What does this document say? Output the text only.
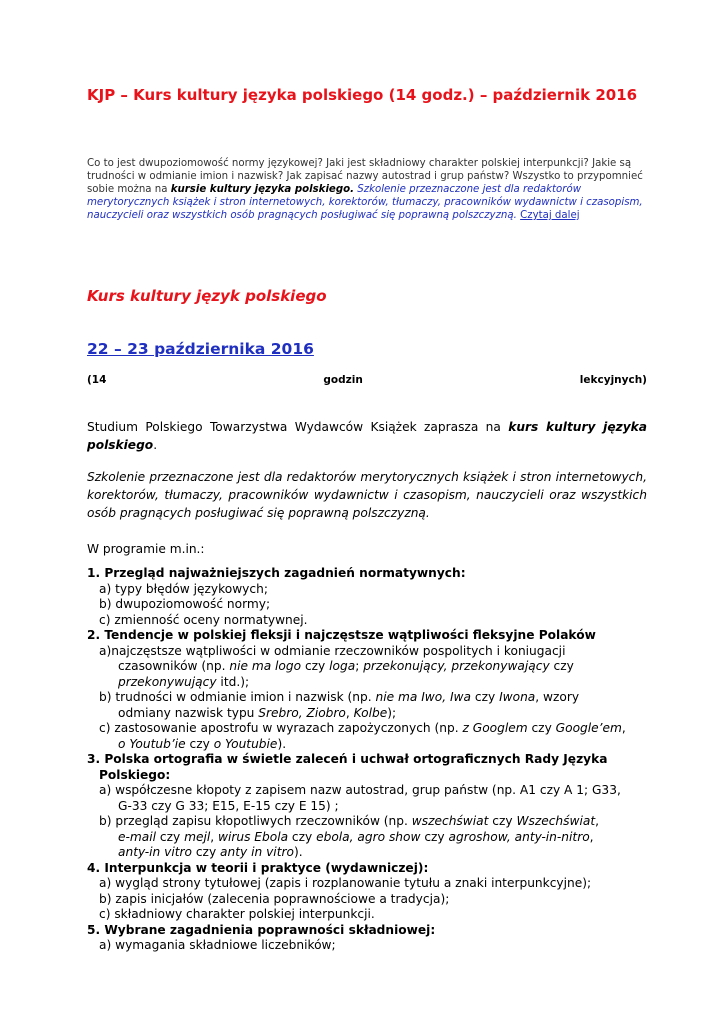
KJP – Kurs kultury języka polskiego (14 godz.) – październik 2016
Co to jest dwupoziomowość normy językowej? Jaki jest składniowy charakter polskiej interpunkcji? Jakie są trudności w odmianie imion i nazwisk? Jak zapisać nazwy autostrad i grup państw? Wszystko to przypomnieć sobie można na kursie kultury języka polskiego. Szkolenie przeznaczone jest dla redaktorów merytorycznych książek i stron internetowych, korektorów, tłumaczy, pracowników wydawnictw i czasopism, nauczycieli oraz wszystkich osób pragnących posługiwać się poprawną polszczyzną. Czytaj dalej
Kurs kultury język polskiego
22 – 23 października 2016
(14	godzin	lekcyjnych)

Studium Polskiego Towarzystwa Wydawców Książek zaprasza na kurs kultury języka polskiego.

Szkolenie przeznaczone jest dla redaktorów merytorycznych książek i stron internetowych, korektorów, tłumaczy, pracowników wydawnictw i czasopism, nauczycieli oraz wszystkich osób pragnących posługiwać się poprawną polszczyzną.

W programie m.in.:

1. Przegląd najważniejszych zagadnień normatywnych:
a) typy błędów językowych;
b) dwupoziomowość normy;
c) zmienność oceny normatywnej.
2. Tendencje w polskiej fleksji i najczęstsze wątpliwości fleksyjne Polaków
a)najczęstsze wątpliwości w odmianie rzeczowników pospolitych i koniugacji
czasowników (np. nie ma logo czy loga; przekonujący, przekonywający czy
przekonywujący itd.);
b) trudności w odmianie imion i nazwisk (np. nie ma Iwo, Iwa czy Iwona, wzory
odmiany nazwisk typu Srebro, Ziobro, Kolbe);
c) zastosowanie apostrofu w wyrazach zapożyczonych (np. z Googlem czy Google’em,
o Youtub’ie czy o Youtubie).
3. Polska ortografia w świetle zaleceń i uchwał ortograficznych Rady Języka
Polskiego:
a) współczesne kłopoty z zapisem nazw autostrad, grup państw (np. A1 czy A 1; G33,
G-33 czy G 33; E15, E-15 czy E 15) ;
b) przegląd zapisu kłopotliwych rzeczowników (np. wszechświat czy Wszechświat,
e-mail czy mejl, wirus Ebola czy ebola, agro show czy agroshow, anty-in-nitro,
anty-in vitro czy anty in vitro).
4. Interpunkcja w teorii i praktyce (wydawniczej):
a) wygląd strony tytułowej (zapis i rozplanowanie tytułu a znaki interpunkcyjne);
b) zapis inicjałów (zalecenia poprawnościowe a tradycja);
c) składniowy charakter polskiej interpunkcji.
5. Wybrane zagadnienia poprawności składniowej:
a) wymagania składniowe liczebników;
